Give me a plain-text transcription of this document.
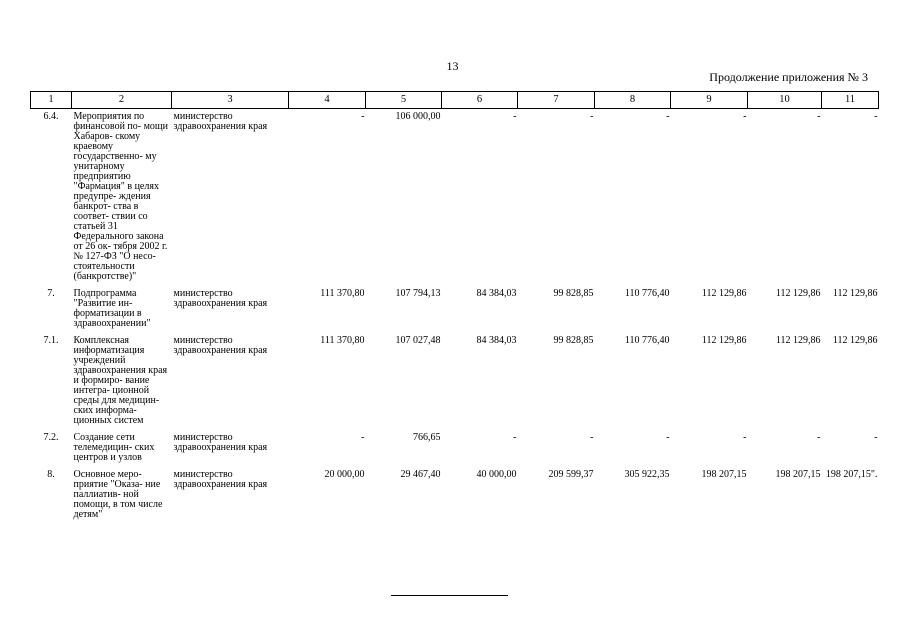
13
Продолжение приложения № 3
1	2	3	4	5	6	7	8	9	10	11
6.4.	Мероприятия по финансовой по- мощи Хабаров- скому краевому государственно- му унитарному предприятию "Фармация" в целях предупре- ждения банкрот- ства в соответ- ствии со статьей 31 Федерального закона от 26 ок- тября 2002 г. № 127-ФЗ "О несо- стоятельности (банкротстве)"	министерство здравоохранения края	-	106 000,00	-	-	-	-	-	-
7.	Подпрограмма "Развитие ин- форматизации в здравоохранении"	министерство здравоохранения края	111 370,80	107 794,13	84 384,03	99 828,85	110 776,40	112 129,86	112 129,86	112 129,86
7.1.	Комплексная информатизация учреждений здравоохранения края и формиро- вание интегра- ционной среды для медицин- ских информа- ционных систем	министерство здравоохранения края	111 370,80	107 027,48	84 384,03	99 828,85	110 776,40	112 129,86	112 129,86	112 129,86
7.2.	Создание сети телемедицин- ских центров и узлов	министерство здравоохранения края	-	766,65	-	-	-	-	-	-
8.	Основное меро- приятие "Оказа- ние паллиатив- ной помощи, в том числе детям"	министерство здравоохранения края	20 000,00	29 467,40	40 000,00	209 599,37	305 922,35	198 207,15	198 207,15	198 207,15".
